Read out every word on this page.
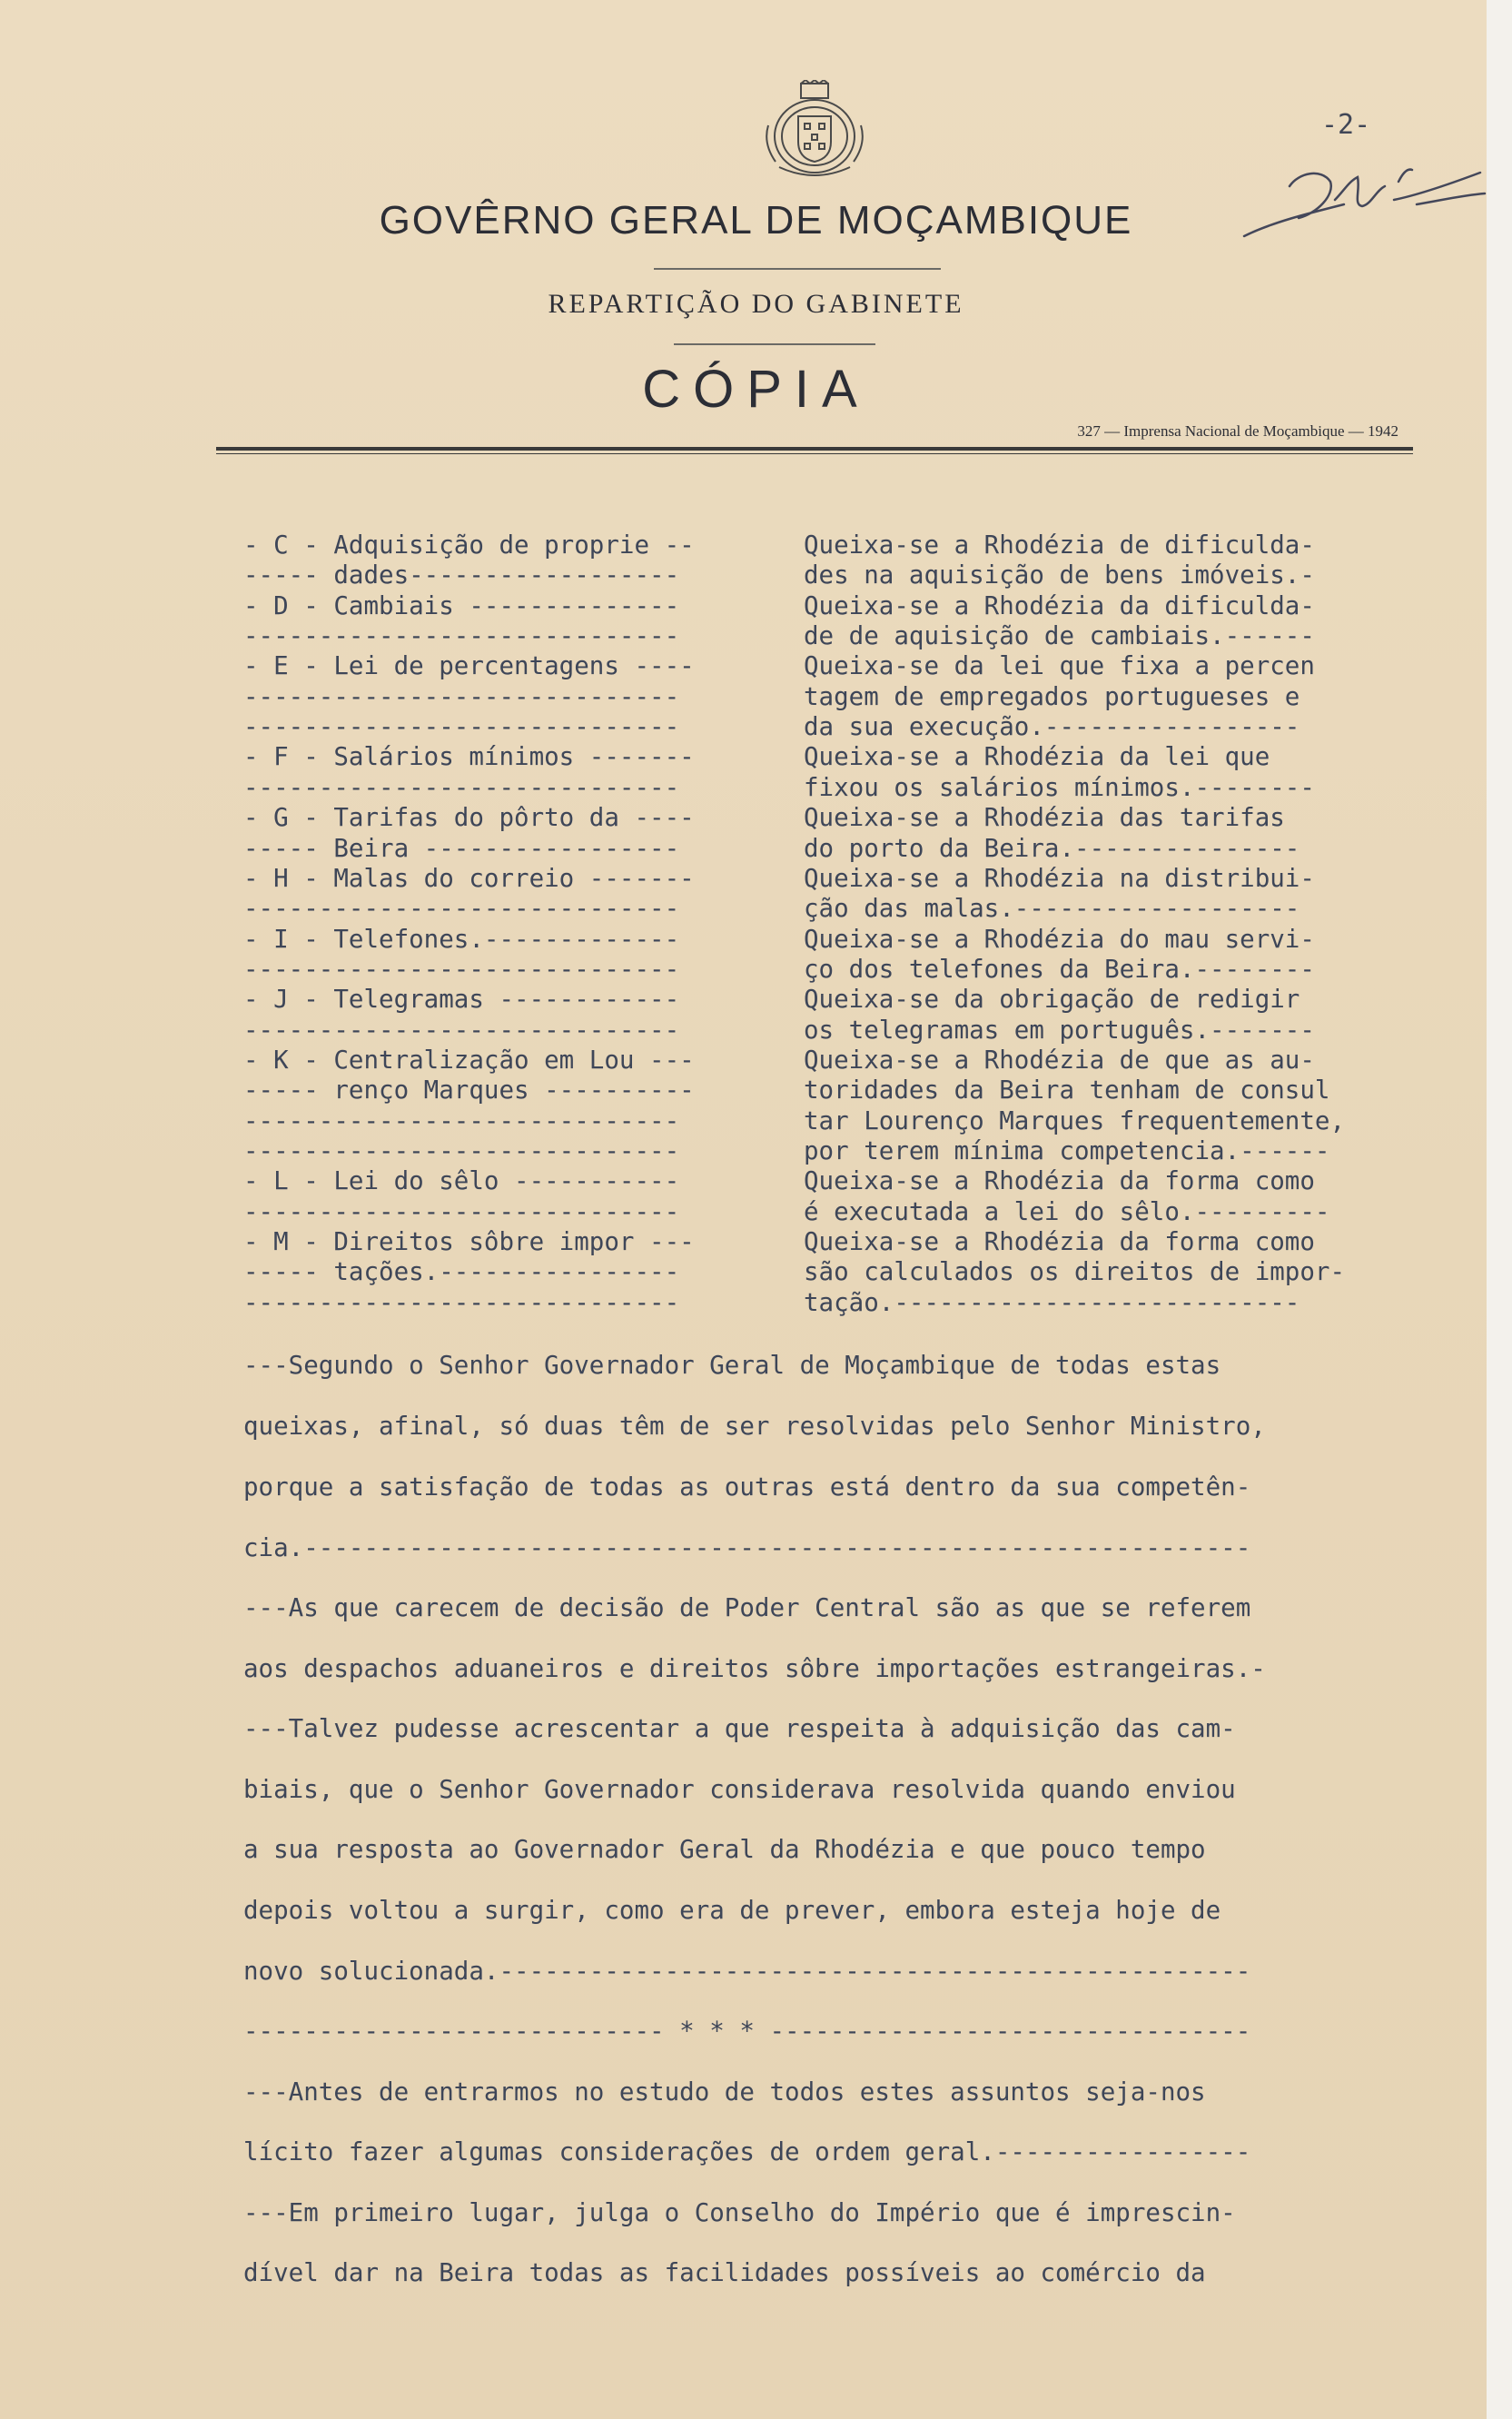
-2-
GOVÊRNO GERAL DE MOÇAMBIQUE
REPARTIÇÃO DO GABINETE
CÓPIA
327 — Imprensa Nacional de Moçambique — 1942
- C - Adquisição de proprie --
----- dades------------------
- D - Cambiais --------------
-----------------------------
- E - Lei de percentagens ----
-----------------------------
-----------------------------
- F - Salários mínimos -------
-----------------------------
- G - Tarifas do pôrto da ----
----- Beira -----------------
- H - Malas do correio -------
-----------------------------
- I - Telefones.-------------
-----------------------------
- J - Telegramas ------------
-----------------------------
- K - Centralização em Lou ---
----- renço Marques ----------
-----------------------------
-----------------------------
- L - Lei do sêlo -----------
-----------------------------
- M - Direitos sôbre impor ---
----- tações.----------------
-----------------------------
Queixa-se a Rhodézia de dificulda-
des na aquisição de bens imóveis.-
Queixa-se a Rhodézia da dificulda-
de de aquisição de cambiais.------
Queixa-se da lei que fixa a percen
tagem de empregados portugueses e
da sua execução.-----------------
Queixa-se a Rhodézia da lei que
fixou os salários mínimos.--------
Queixa-se a Rhodézia das tarifas
do porto da Beira.---------------
Queixa-se a Rhodézia na distribui-
ção das malas.-------------------
Queixa-se a Rhodézia do mau servi-
ço dos telefones da Beira.--------
Queixa-se da obrigação de redigir
os telegramas em português.-------
Queixa-se a Rhodézia de que as au-
toridades da Beira tenham de consul
tar Lourenço Marques frequentemente,
por terem mínima competencia.------
Queixa-se a Rhodézia da forma como
é executada a lei do sêlo.---------
Queixa-se a Rhodézia da forma como
são calculados os direitos de impor-
tação.---------------------------
---Segundo o Senhor Governador Geral de Moçambique de todas estas
queixas, afinal, só duas têm de ser resolvidas pelo Senhor Ministro,
porque a satisfação de todas as outras está dentro da sua competên-
cia.---------------------------------------------------------------
---As que carecem de decisão de Poder Central são as que se referem
aos despachos aduaneiros e direitos sôbre importações estrangeiras.-
---Talvez pudesse acrescentar a que respeita à adquisição das cam-
biais, que o Senhor Governador considerava resolvida quando enviou
a sua resposta ao Governador Geral da Rhodézia e que pouco tempo
depois voltou a surgir, como era de prever, embora esteja hoje de
novo solucionada.--------------------------------------------------
---------------------------- * * * --------------------------------
---Antes de entrarmos no estudo de todos estes assuntos seja-nos
lícito fazer algumas considerações de ordem geral.-----------------
---Em primeiro lugar, julga o Conselho do Império que é imprescin-
dível dar na Beira todas as facilidades possíveis ao comércio da
